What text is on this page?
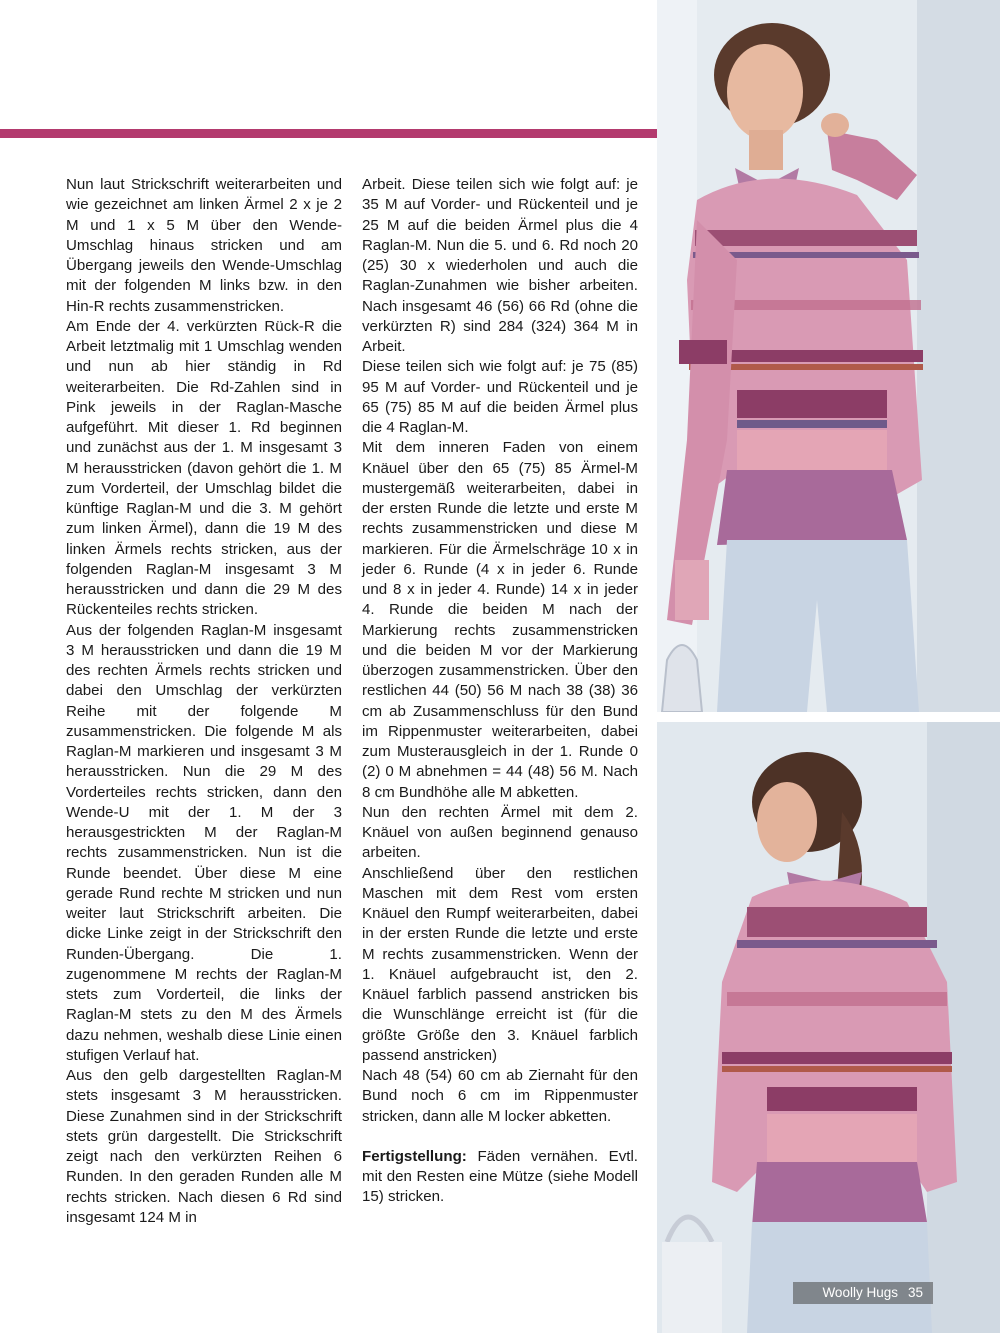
Nun laut Strickschrift weiterarbeiten und wie gezeichnet am linken Ärmel 2 x je 2 M und 1 x 5 M über den Wende-Umschlag hinaus stricken und am Übergang jeweils den Wende-Umschlag mit der folgenden M links bzw. in den Hin-R rechts zusammenstricken.

Am Ende der 4. verkürzten Rück-R die Arbeit letztmalig mit 1 Umschlag wenden und nun ab hier ständig in Rd weiterarbeiten. Die Rd-Zahlen sind in Pink jeweils in der Raglan-Masche aufgeführt. Mit dieser 1. Rd beginnen und zunächst aus der 1. M insgesamt 3 M herausstricken (davon gehört die 1. M zum Vorderteil, der Umschlag bildet die künftige Raglan-M und die 3. M gehört zum linken Ärmel), dann die 19 M des linken Ärmels rechts stricken, aus der folgenden Raglan-M insgesamt 3 M herausstricken und dann die 29 M des Rückenteiles rechts stricken.

Aus der folgenden Raglan-M insgesamt 3 M herausstricken und dann die 19 M des rechten Ärmels rechts stricken und dabei den Umschlag der verkürzten Reihe mit der folgende M zusammenstricken. Die folgende M als Raglan-M markieren und insgesamt 3 M herausstricken. Nun die 29 M des Vorderteiles rechts stricken, dann den Wende-U mit der 1. M der 3 herausgestrickten M der Raglan-M rechts zusammenstricken. Nun ist die Runde beendet. Über diese M eine gerade Rund rechte M stricken und nun weiter laut Strickschrift arbeiten. Die dicke Linke zeigt in der Strickschrift den Runden-Übergang. Die 1. zugenommene M rechts der Raglan-M stets zum Vorderteil, die links der Raglan-M stets zu den M des Ärmels dazu nehmen, weshalb diese Linie einen stufigen Verlauf hat.

Aus den gelb dargestellten Raglan-M stets insgesamt 3 M herausstricken. Diese Zunahmen sind in der Strickschrift stets grün dargestellt. Die Strickschrift zeigt nach den verkürzten Reihen 6 Runden. In den geraden Runden alle M rechts stricken. Nach diesen 6 Rd sind insgesamt 124 M in

Arbeit. Diese teilen sich wie folgt auf: je 35 M auf Vorder- und Rückenteil und je 25 M auf die beiden Ärmel plus die 4 Raglan-M. Nun die 5. und 6. Rd noch 20 (25) 30 x wiederholen und auch die Raglan-Zunahmen wie bisher arbeiten. Nach insgesamt 46 (56) 66 Rd (ohne die verkürzten R) sind 284 (324) 364 M in Arbeit.

Diese teilen sich wie folgt auf: je 75 (85) 95 M auf Vorder- und Rückenteil und je 65 (75) 85 M auf die beiden Ärmel plus die 4 Raglan-M.

Mit dem inneren Faden von einem Knäuel über den 65 (75) 85 Ärmel-M mustergemäß weiterarbeiten, dabei in der ersten Runde die letzte und erste M rechts zusammenstricken und diese M markieren. Für die Ärmelschräge 10 x in jeder 6. Runde (4 x in jeder 6. Runde und 8 x in jeder 4. Runde) 14 x in jeder 4. Runde die beiden M nach der Markierung rechts zusammenstricken und die beiden M vor der Markierung überzogen zusammenstricken. Über den restlichen 44 (50) 56 M nach 38 (38) 36 cm ab Zusammenschluss für den Bund im Rippenmuster weiterarbeiten, dabei zum Musterausgleich in der 1. Runde 0 (2) 0 M abnehmen = 44 (48) 56 M. Nach 8 cm Bundhöhe alle M abketten.

Nun den rechten Ärmel mit dem 2. Knäuel von außen beginnend genauso arbeiten.

Anschließend über den restlichen Maschen mit dem Rest vom ersten Knäuel den Rumpf weiterarbeiten, dabei in der ersten Runde die letzte und erste M rechts zusammenstricken. Wenn der 1. Knäuel aufgebraucht ist, den 2. Knäuel farblich passend anstricken bis die Wunschlänge erreicht ist (für die größte Größe den 3. Knäuel farblich passend anstricken)

Nach 48 (54) 60 cm ab Ziernaht für den Bund noch 6 cm im Rippenmuster stricken, dann alle M locker abketten.

Fertigstellung: Fäden vernähen. Evtl. mit den Resten eine Mütze (siehe Modell 15) stricken.

Woolly Hugs 35
